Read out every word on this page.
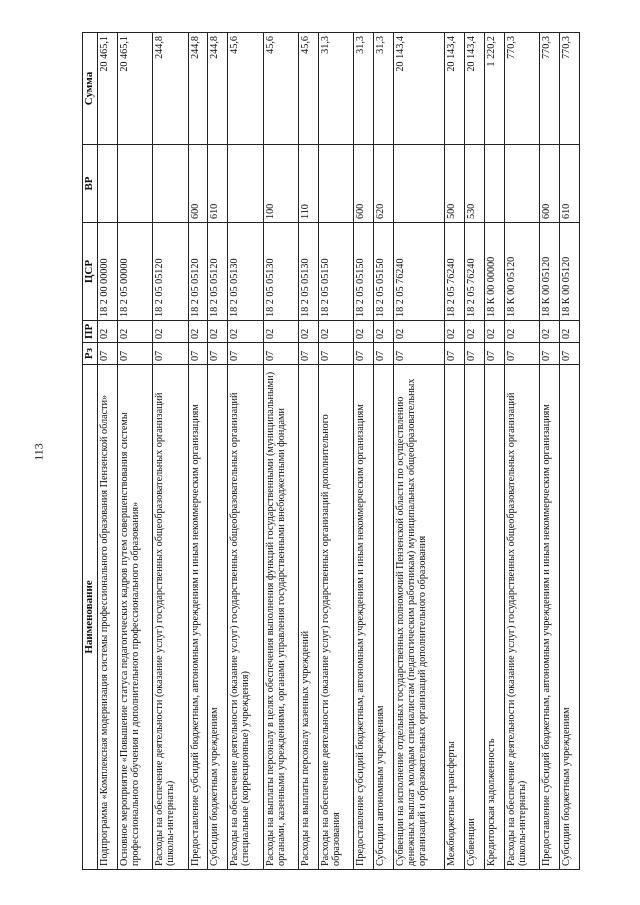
113
Наименование	Рз	ПР	ЦСР	ВР	Сумма
Подпрограмма «Комплексная модернизация системы профессионального образования Пензенской области»	07	02	18 2 00 00000		20 465,1
Основное мероприятие «Повышение статуса педагогических кадров путем совершенствования системы профессионального обучения и дополнительного профессионального образования»	07	02	18 2 05 00000		20 465,1
Расходы на обеспечение деятельности (оказание услуг) государственных общеобразовательных организаций (школы-интернаты)	07	02	18 2 05 05120		244,8
Предоставление субсидий бюджетным, автономным учреждениям и иным некоммерческим организациям	07	02	18 2 05 05120	600	244,8
Субсидии бюджетным учреждениям	07	02	18 2 05 05120	610	244,8
Расходы на обеспечение деятельности (оказание услуг) государственных общеобразовательных организаций (специальные (коррекционные) учреждения)	07	02	18 2 05 05130		45,6
Расходы на выплаты персоналу в целях обеспечения выполнения функций государственными (муниципальными) органами, казенными учреждениями, органами управления государственными внебюджетными фондами	07	02	18 2 05 05130	100	45,6
Расходы на выплаты персоналу казенных учреждений	07	02	18 2 05 05130	110	45,6
Расходы на обеспечение деятельности (оказание услуг) государственных организаций дополнительного образования	07	02	18 2 05 05150		31,3
Предоставление субсидий бюджетным, автономным учреждениям и иным некоммерческим организациям	07	02	18 2 05 05150	600	31,3
Субсидии автономным учреждениям	07	02	18 2 05 05150	620	31,3
Субвенции на исполнение отдельных государственных полномочий Пензенской области по осуществлению денежных выплат молодым специалистам (педагогическим работникам) муниципальных общеобразовательных организаций и образовательных организаций дополнительного образования	07	02	18 2 05 76240		20 143,4
Межбюджетные трансферты	07	02	18 2 05 76240	500	20 143,4
Субвенции	07	02	18 2 05 76240	530	20 143,4
Кредиторская задолженность	07	02	18 К 00 00000		1 220,2
Расходы на обеспечение деятельности (оказание услуг) государственных общеобразовательных организаций (школы-интернаты)	07	02	18 К 00 05120		770,3
Предоставление субсидий бюджетным, автономным учреждениям и иным некоммерческим организациям	07	02	18 К 00 05120	600	770,3
Субсидии бюджетным учреждениям	07	02	18 К 00 05120	610	770,3
